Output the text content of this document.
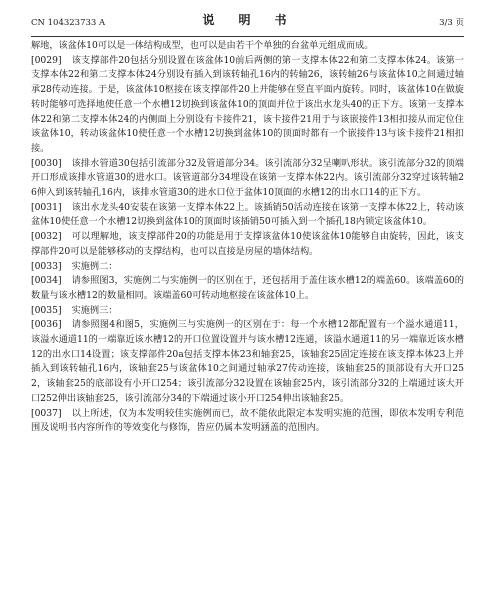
CN 104323733 A	说　明　书	3/3 页

解地，该盆体10可以是一体结构成型，也可以是由若干个单独的台盆单元组成而成。

[0029] 该支撑部件20包括分别设置在该盆体10前后两侧的第一支撑本体22和第二支撑本体24。该第一支撑本体22和第二支撑本体24分别设有插入到该转轴孔16内的转轴26，该转轴26与该盆体10之间通过轴承28传动连接。于是，该盆体10枢接在该支撑部件20上并能够在竖直平面内旋转。同时，该盆体10在做旋转时能够可选择地使任意一个水槽12切换到该盆体10的顶面并位于该出水龙头40的正下方。该第一支撑本体22和第二支撑本体24的内侧面上分别设有卡接件21，该卡接件21用于与该嵌接件13相扣接从而定位住该盆体10，转动该盆体10使任意一个水槽12切换到盆体10的顶面时都有一个嵌接件13与该卡接件21相扣接。

[0030] 该排水管道30包括引流部分32及管道部分34。该引流部分32呈喇叭形状。该引流部分32的顶端开口形成该排水管道30的进水口。该管道部分34埋设在该第一支撑本体22内。该引流部分32穿过该转轴26伸入到该转轴孔16内，该排水管道30的进水口位于盆体10顶面的水槽12的出水口14的正下方。

[0031] 该出水龙头40安装在该第一支撑本体22上。该插销50活动连接在该第一支撑本体22上，转动该盆体10使任意一个水槽12切换到盆体10的顶面时该插销50可插入到一个插孔18内锁定该盆体10。

[0032] 可以理解地，该支撑部件20的功能是用于支撑该盆体10使该盆体10能够自由旋转，因此，该支撑部件20可以是能够移动的支撑结构，也可以直接是房屋的墙体结构。

[0033] 实施例二：

[0034] 请参照图3，实施例二与实施例一的区别在于，还包括用于盖住该水槽12的端盖60。该端盖60的数量与该水槽12的数量相同。该端盖60可转动地枢接在该盆体10上。

[0035] 实施例三：

[0036] 请参照图4和图5，实施例三与实施例一的区别在于：每一个水槽12都配置有一个溢水通道11，该溢水通道11的一端靠近该水槽12的开口位置设置并与该水槽12连通，该溢水通道11的另一端靠近该水槽12的出水口14设置；该支撑部件20a包括支撑本体23和轴套25，该轴套25固定连接在该支撑本体23上并插入到该转轴孔16内，该轴套25与该盆体10之间通过轴承27传动连接，该轴套25的顶部设有大开口252，该轴套25的底部设有小开口254；该引流部分32设置在该轴套25内，该引流部分32的上端通过该大开口252伸出该轴套25，该引流部分34的下端通过该小开口254伸出该轴套25。

[0037] 以上所述，仅为本发明较佳实施例而已，故不能依此限定本发明实施的范围，即依本发明专利范围及说明书内容所作的等效变化与修饰，皆应仍属本发明涵盖的范围内。
